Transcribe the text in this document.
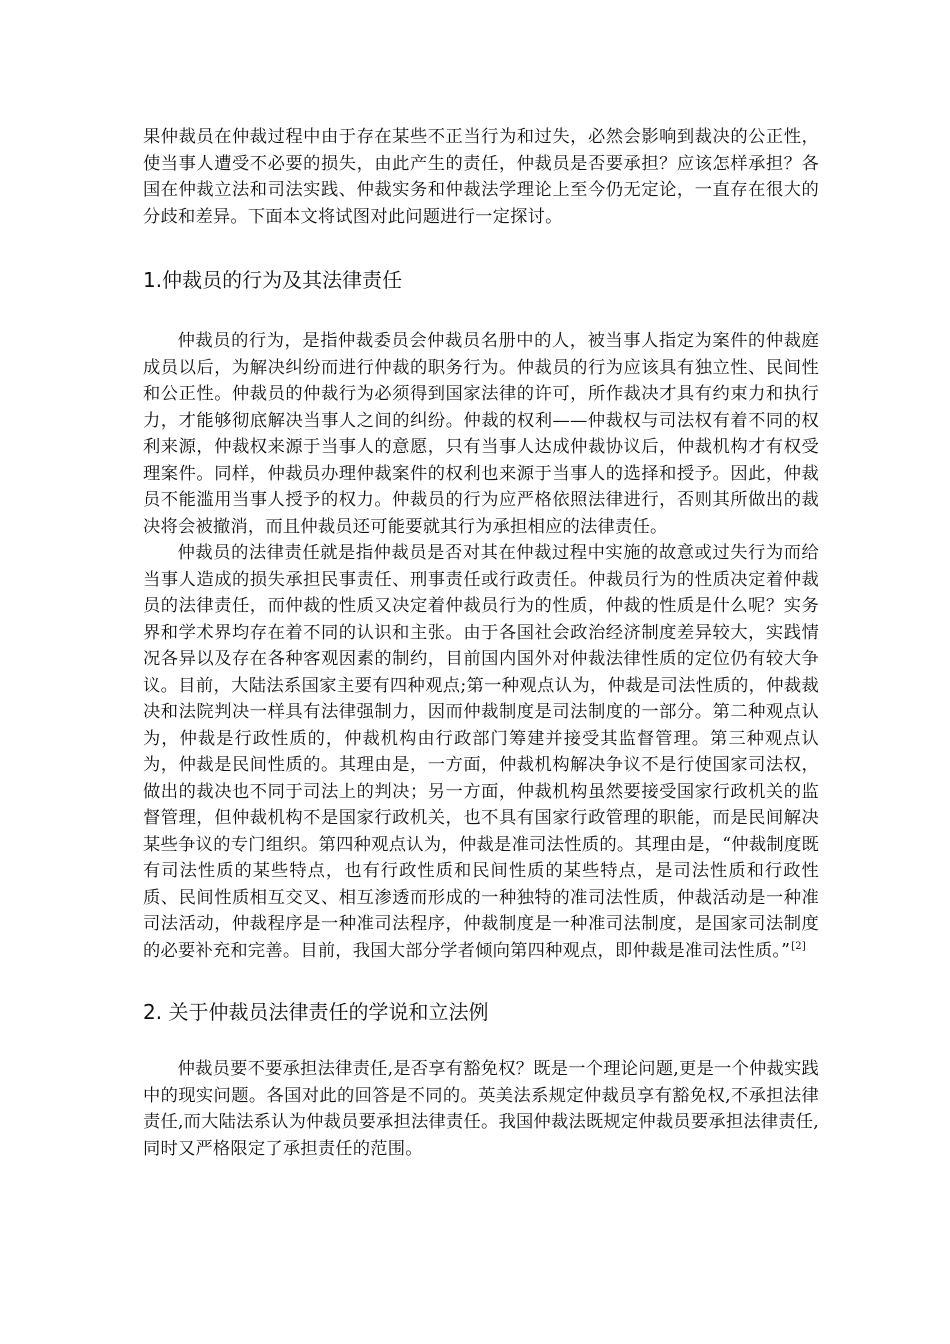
果仲裁员在仲裁过程中由于存在某些不正当行为和过失，必然会影响到裁决的公正性，使当事人遭受不必要的损失，由此产生的责任，仲裁员是否要承担？应该怎样承担？各国在仲裁立法和司法实践、仲裁实务和仲裁法学理论上至今仍无定论，一直存在很大的分歧和差异。下面本文将试图对此问题进行一定探讨。

1.仲裁员的行为及其法律责任

仲裁员的行为，是指仲裁委员会仲裁员名册中的人，被当事人指定为案件的仲裁庭成员以后，为解决纠纷而进行仲裁的职务行为。仲裁员的行为应该具有独立性、民间性和公正性。仲裁员的仲裁行为必须得到国家法律的许可，所作裁决才具有约束力和执行力，才能够彻底解决当事人之间的纠纷。仲裁的权利——仲裁权与司法权有着不同的权利来源，仲裁权来源于当事人的意愿，只有当事人达成仲裁协议后，仲裁机构才有权受理案件。同样，仲裁员办理仲裁案件的权利也来源于当事人的选择和授予。因此，仲裁员不能滥用当事人授予的权力。仲裁员的行为应严格依照法律进行，否则其所做出的裁决将会被撤消，而且仲裁员还可能要就其行为承担相应的法律责任。

仲裁员的法律责任就是指仲裁员是否对其在仲裁过程中实施的故意或过失行为而给当事人造成的损失承担民事责任、刑事责任或行政责任。仲裁员行为的性质决定着仲裁员的法律责任，而仲裁的性质又决定着仲裁员行为的性质，仲裁的性质是什么呢？实务界和学术界均存在着不同的认识和主张。由于各国社会政治经济制度差异较大，实践情况各异以及存在各种客观因素的制约，目前国内国外对仲裁法律性质的定位仍有较大争议。目前，大陆法系国家主要有四种观点;第一种观点认为，仲裁是司法性质的，仲裁裁决和法院判决一样具有法律强制力，因而仲裁制度是司法制度的一部分。第二种观点认为，仲裁是行政性质的，仲裁机构由行政部门筹建并接受其监督管理。第三种观点认为，仲裁是民间性质的。其理由是，一方面，仲裁机构解决争议不是行使国家司法权，做出的裁决也不同于司法上的判决；另一方面，仲裁机构虽然要接受国家行政机关的监督管理，但仲裁机构不是国家行政机关，也不具有国家行政管理的职能，而是民间解决某些争议的专门组织。第四种观点认为，仲裁是准司法性质的。其理由是，“仲裁制度既有司法性质的某些特点，也有行政性质和民间性质的某些特点，是司法性质和行政性质、民间性质相互交叉、相互渗透而形成的一种独特的准司法性质，仲裁活动是一种准司法活动，仲裁程序是一种准司法程序，仲裁制度是一种准司法制度，是国家司法制度的必要补充和完善。目前，我国大部分学者倾向第四种观点，即仲裁是准司法性质。”[2]

2. 关于仲裁员法律责任的学说和立法例

仲裁员要不要承担法律责任,是否享有豁免权？既是一个理论问题,更是一个仲裁实践中的现实问题。各国对此的回答是不同的。英美法系规定仲裁员享有豁免权,不承担法律责任,而大陆法系认为仲裁员要承担法律责任。我国仲裁法既规定仲裁员要承担法律责任,同时又严格限定了承担责任的范围。
